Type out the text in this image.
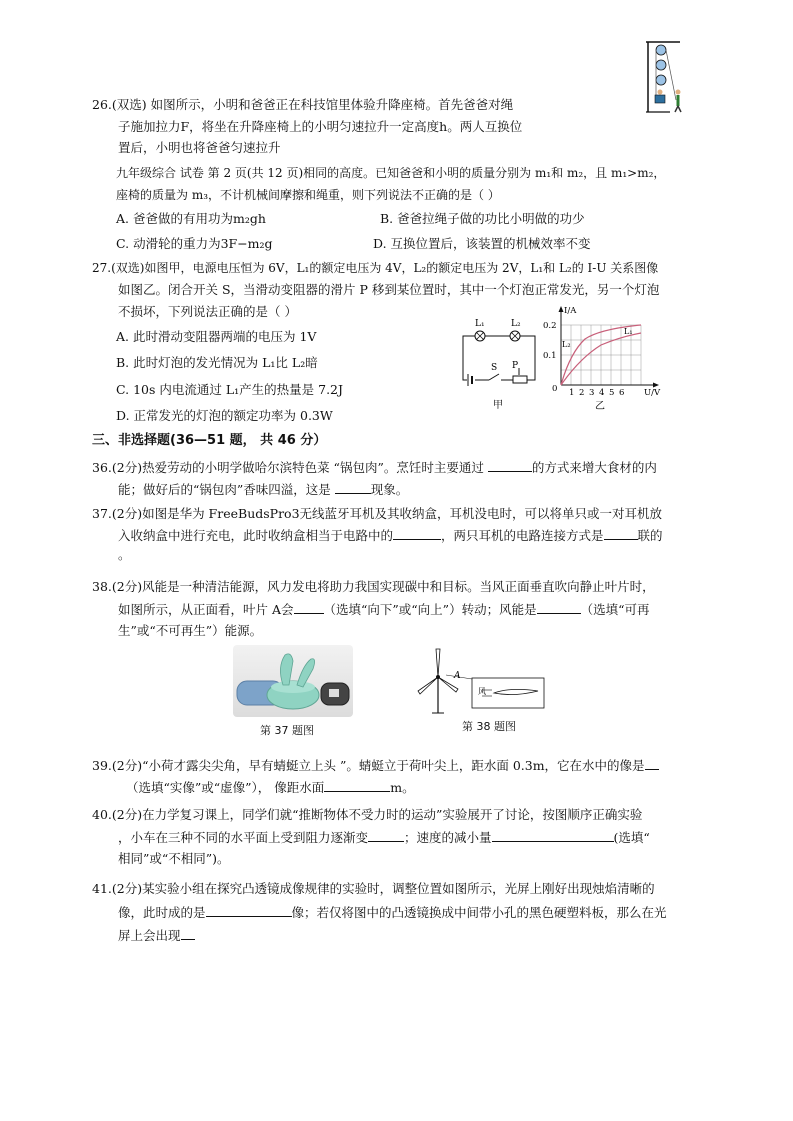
26.(双选) 如图所示，小明和爸爸正在科技馆里体验升降座椅。首先爸爸对绳
子施加拉力F，将坐在升降座椅上的小明匀速拉升一定高度h。两人互换位
置后，小明也将爸爸匀速拉升
九年级综合 试卷 第 2 页(共 12 页)相同的高度。已知爸爸和小明的质量分别为 m₁和 m₂，且 m₁>m₂，
座椅的质量为 m₃，不计机械间摩擦和绳重，则下列说法不正确的是（ ）
A. 爸爸做的有用功为m₂gh	B. 爸爸拉绳子做的功比小明做的功少
C. 动滑轮的重力为3F−m₂g	D. 互换位置后，该装置的机械效率不变
27.(双选)如图甲，电源电压恒为 6V，L₁的额定电压为 4V，L₂的额定电压为 2V，L₁和 L₂的 I-U 关系图像
如图乙。闭合开关 S，当滑动变阻器的滑片 P 移到某位置时，其中一个灯泡正常发光，另一个灯泡
不损坏，下列说法正确的是（ ）
A. 此时滑动变阻器两端的电压为 1V
B. 此时灯泡的发光情况为 L₁比 L₂暗
C. 10s 内电流通过 L₁产生的热量是 7.2J
D. 正常发光的灯泡的额定功率为 0.3W
L₁	L₂
S P
甲
I/A
U/V
0.2
0.1
0 1 2 3 4 5 6
L₁
L₂
乙
三、非选择题(36—51 题， 共 46 分）
36.(2分)热爱劳动的小明学做哈尔滨特色菜 “锅包肉”。烹饪时主要通过	的方式来增大食材的内
能；做好后的“锅包肉”香味四溢，这是	现象。
37.(2分)如图是华为 FreeBudsPro3无线蓝牙耳机及其收纳盒，耳机没电时，可以将单只或一对耳机放
入收纳盒中进行充电，此时收纳盒相当于电路中的	，两只耳机的电路连接方式是	联的
。
38.(2分)风能是一种清洁能源，风力发电将助力我国实现碳中和目标。当风正面垂直吹向静止叶片时，
如图所示，从正面看，叶片 A会 （选填“向下”或“向上”）转动；风能是	（选填“可再
生”或“不可再生”）能源。
第 37 题图
A
风
第 38 题图
39.(2分)“小荷才露尖尖角，早有蜻蜓立上头 ”。蜻蜓立于荷叶尖上，距水面 0.3m，它在水中的像是
（选填“实像”或“虚像”）， 像距水面	m。
40.(2分)在力学复习课上，同学们就“推断物体不受力时的运动”实验展开了讨论，按图顺序正确实验
，小车在三种不同的水平面上受到阻力逐渐变	；速度的减小量	(选填“
相同”或“不相同”)。
41.(2分)某实验小组在探究凸透镜成像规律的实验时，调整位置如图所示，光屏上刚好出现烛焰清晰的
像，此时成的是	像；若仅将图中的凸透镜换成中间带小孔的黑色硬塑料板，那么在光
屏上会出现
